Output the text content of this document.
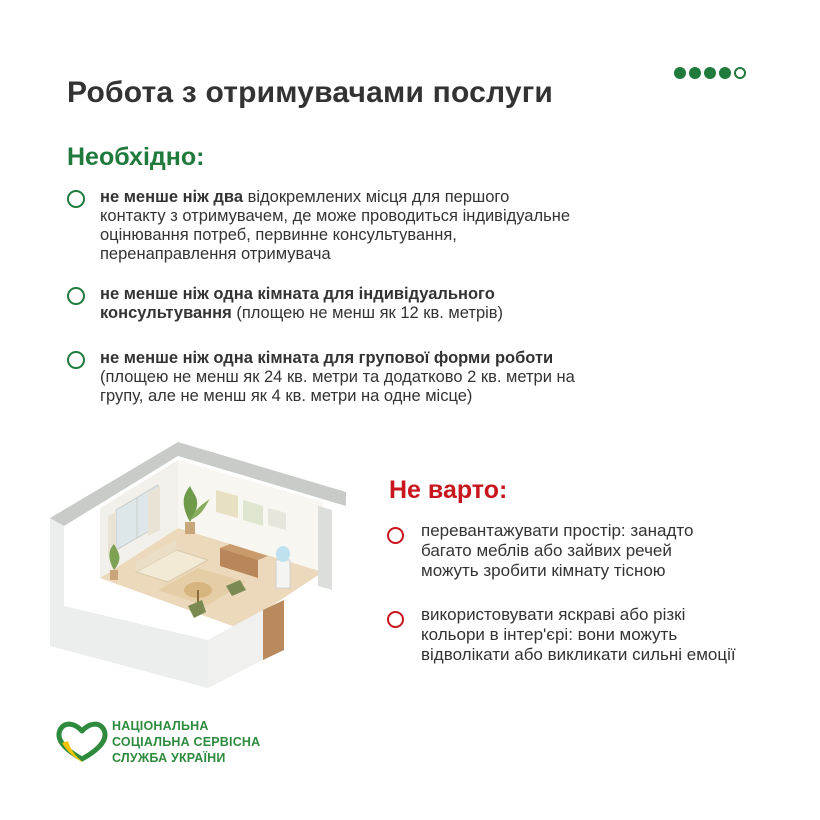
Робота з отримувачами послуги
Необхідно:
не менше ніж два відокремлених місця для першого
контакту з отримувачем, де може проводиться індивідуальне
оцінювання потреб, первинне консультування,
перенаправлення отримувача
не менше ніж одна кімната для індивідуального
консультування (площею не менш як 12 кв. метрів)
не менше ніж одна кімната для групової форми роботи
(площею не менш як 24 кв. метри та додатково 2 кв. метри на
групу, але не менш як 4 кв. метри на одне місце)
Не варто:
перевантажувати простір: занадто
багато меблів або зайвих речей
можуть зробити кімнату тісною
використовувати яскраві або різкі
кольори в інтер'єрі: вони можуть
відволікати або викликати сильні емоції
НАЦІОНАЛЬНА
СОЦІАЛЬНА СЕРВІСНА
СЛУЖБА УКРАЇНИ
